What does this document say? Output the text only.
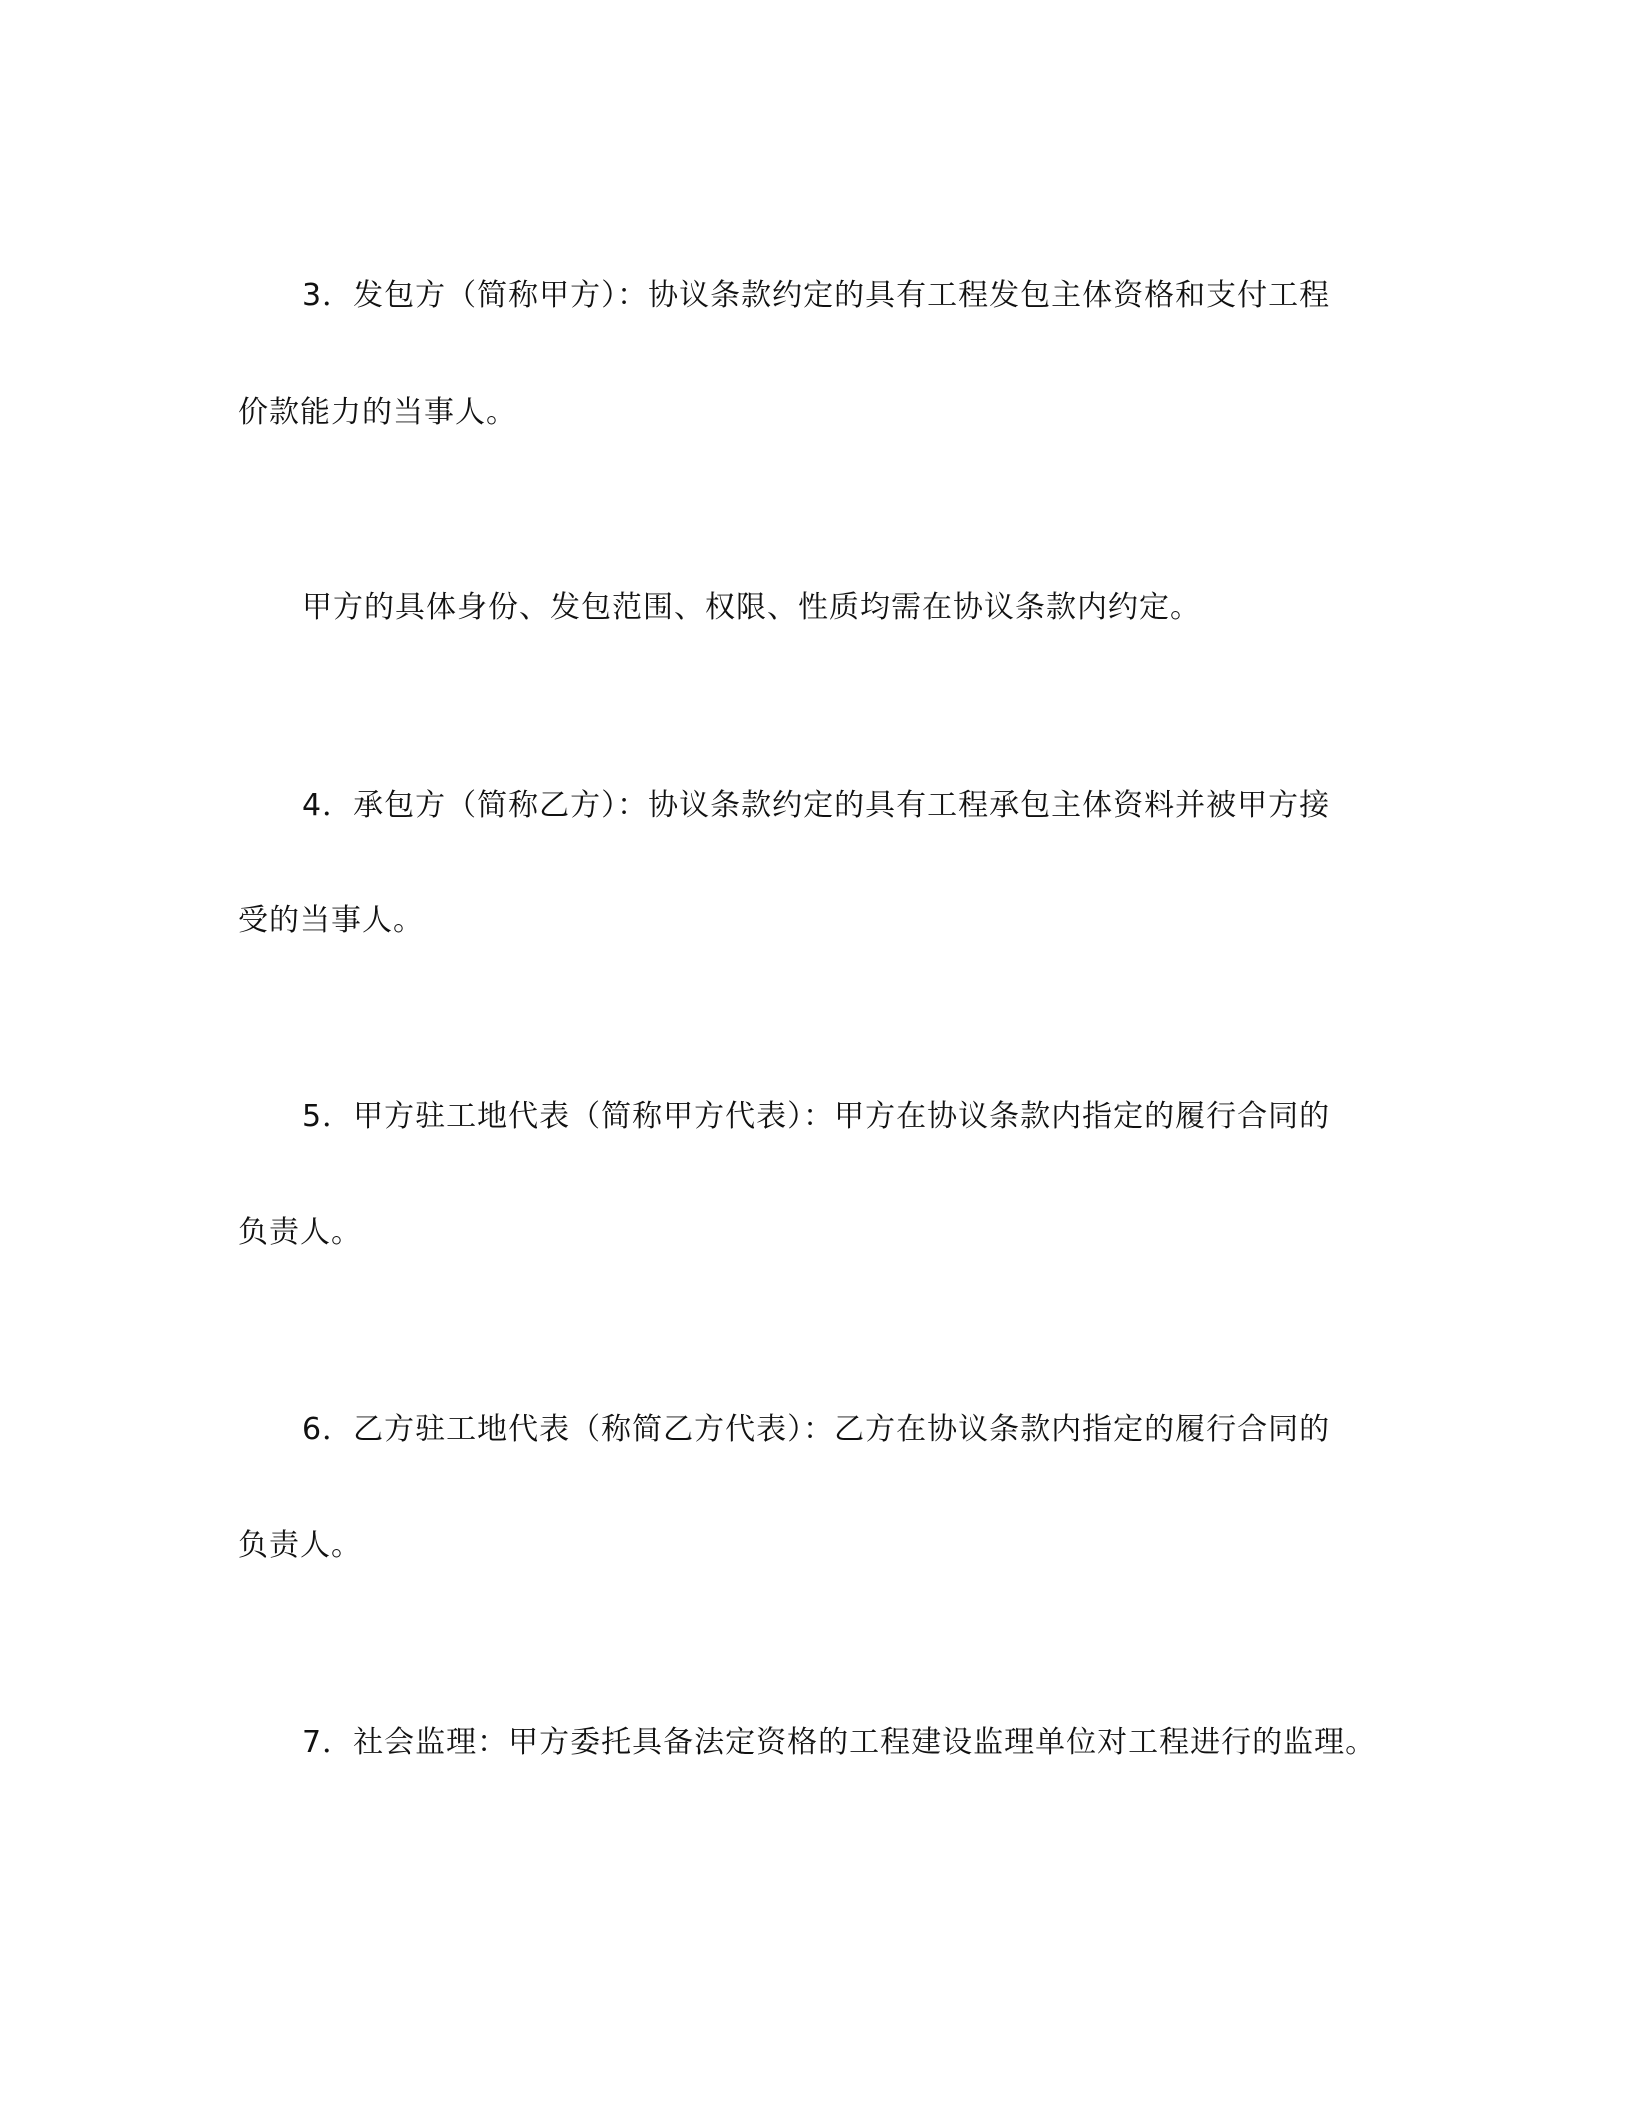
3．发包方（简称甲方）：协议条款约定的具有工程发包主体资格和支付工程

价款能力的当事人。

甲方的具体身份、发包范围、权限、性质均需在协议条款内约定。

4．承包方（简称乙方）：协议条款约定的具有工程承包主体资料并被甲方接

受的当事人。

5．甲方驻工地代表（简称甲方代表）：甲方在协议条款内指定的履行合同的

负责人。

6．乙方驻工地代表（称简乙方代表）：乙方在协议条款内指定的履行合同的

负责人。

7．社会监理：甲方委托具备法定资格的工程建设监理单位对工程进行的监理。
